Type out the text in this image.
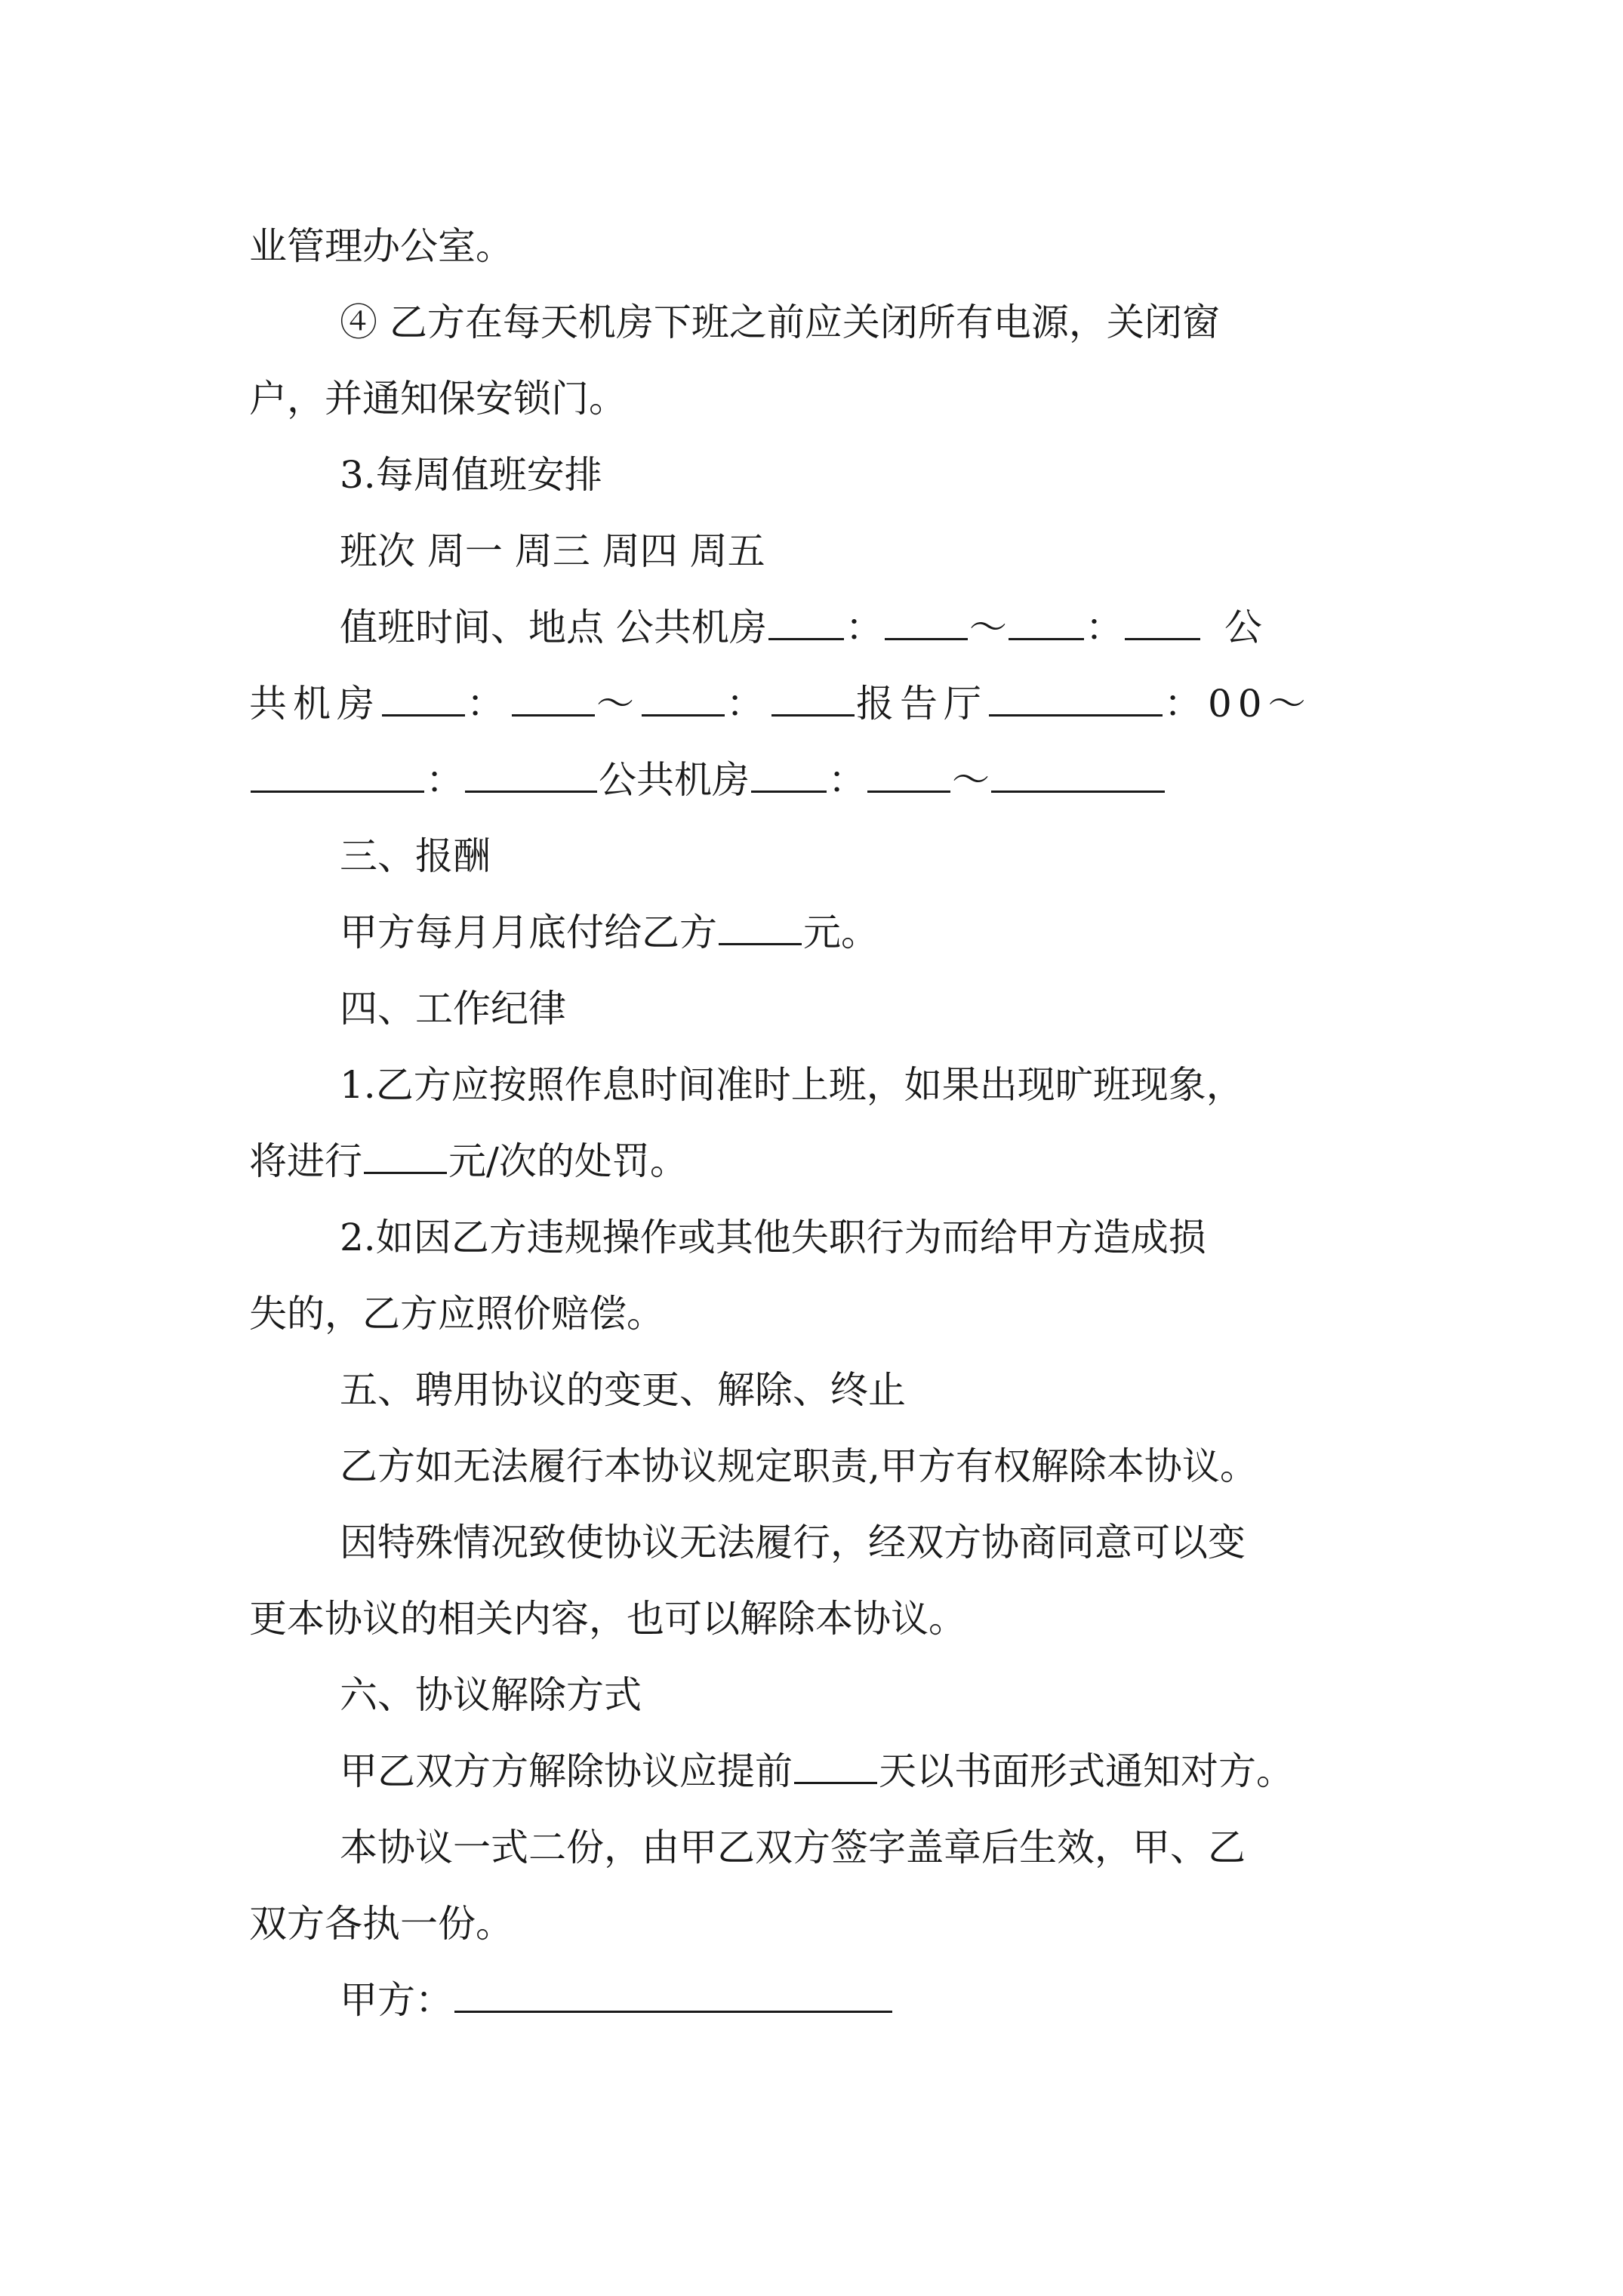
业管理办公室。
④ 乙方在每天机房下班之前应关闭所有电源，关闭窗
户，并通知保安锁门。
3.每周值班安排
班次 周一 周三 周四 周五
值班时间、地点 公共机房 ： ～ ：	公
共机房 ： ～ ： 报告厅	：00～
：	公共机房 ： ～
三、报酬
甲方每月月底付给乙方 元。
四、工作纪律
1.乙方应按照作息时间准时上班，如果出现旷班现象，
将进行 元/次的处罚。
2.如因乙方违规操作或其他失职行为而给甲方造成损
失的，乙方应照价赔偿。
五、聘用协议的变更、解除、终止
乙方如无法履行本协议规定职责,甲方有权解除本协议。
因特殊情况致使协议无法履行，经双方协商同意可以变
更本协议的相关内容，也可以解除本协议。
六、协议解除方式
甲乙双方方解除协议应提前 天以书面形式通知对方。
本协议一式二份，由甲乙双方签字盖章后生效，甲、乙
双方各执一份。
甲方：
